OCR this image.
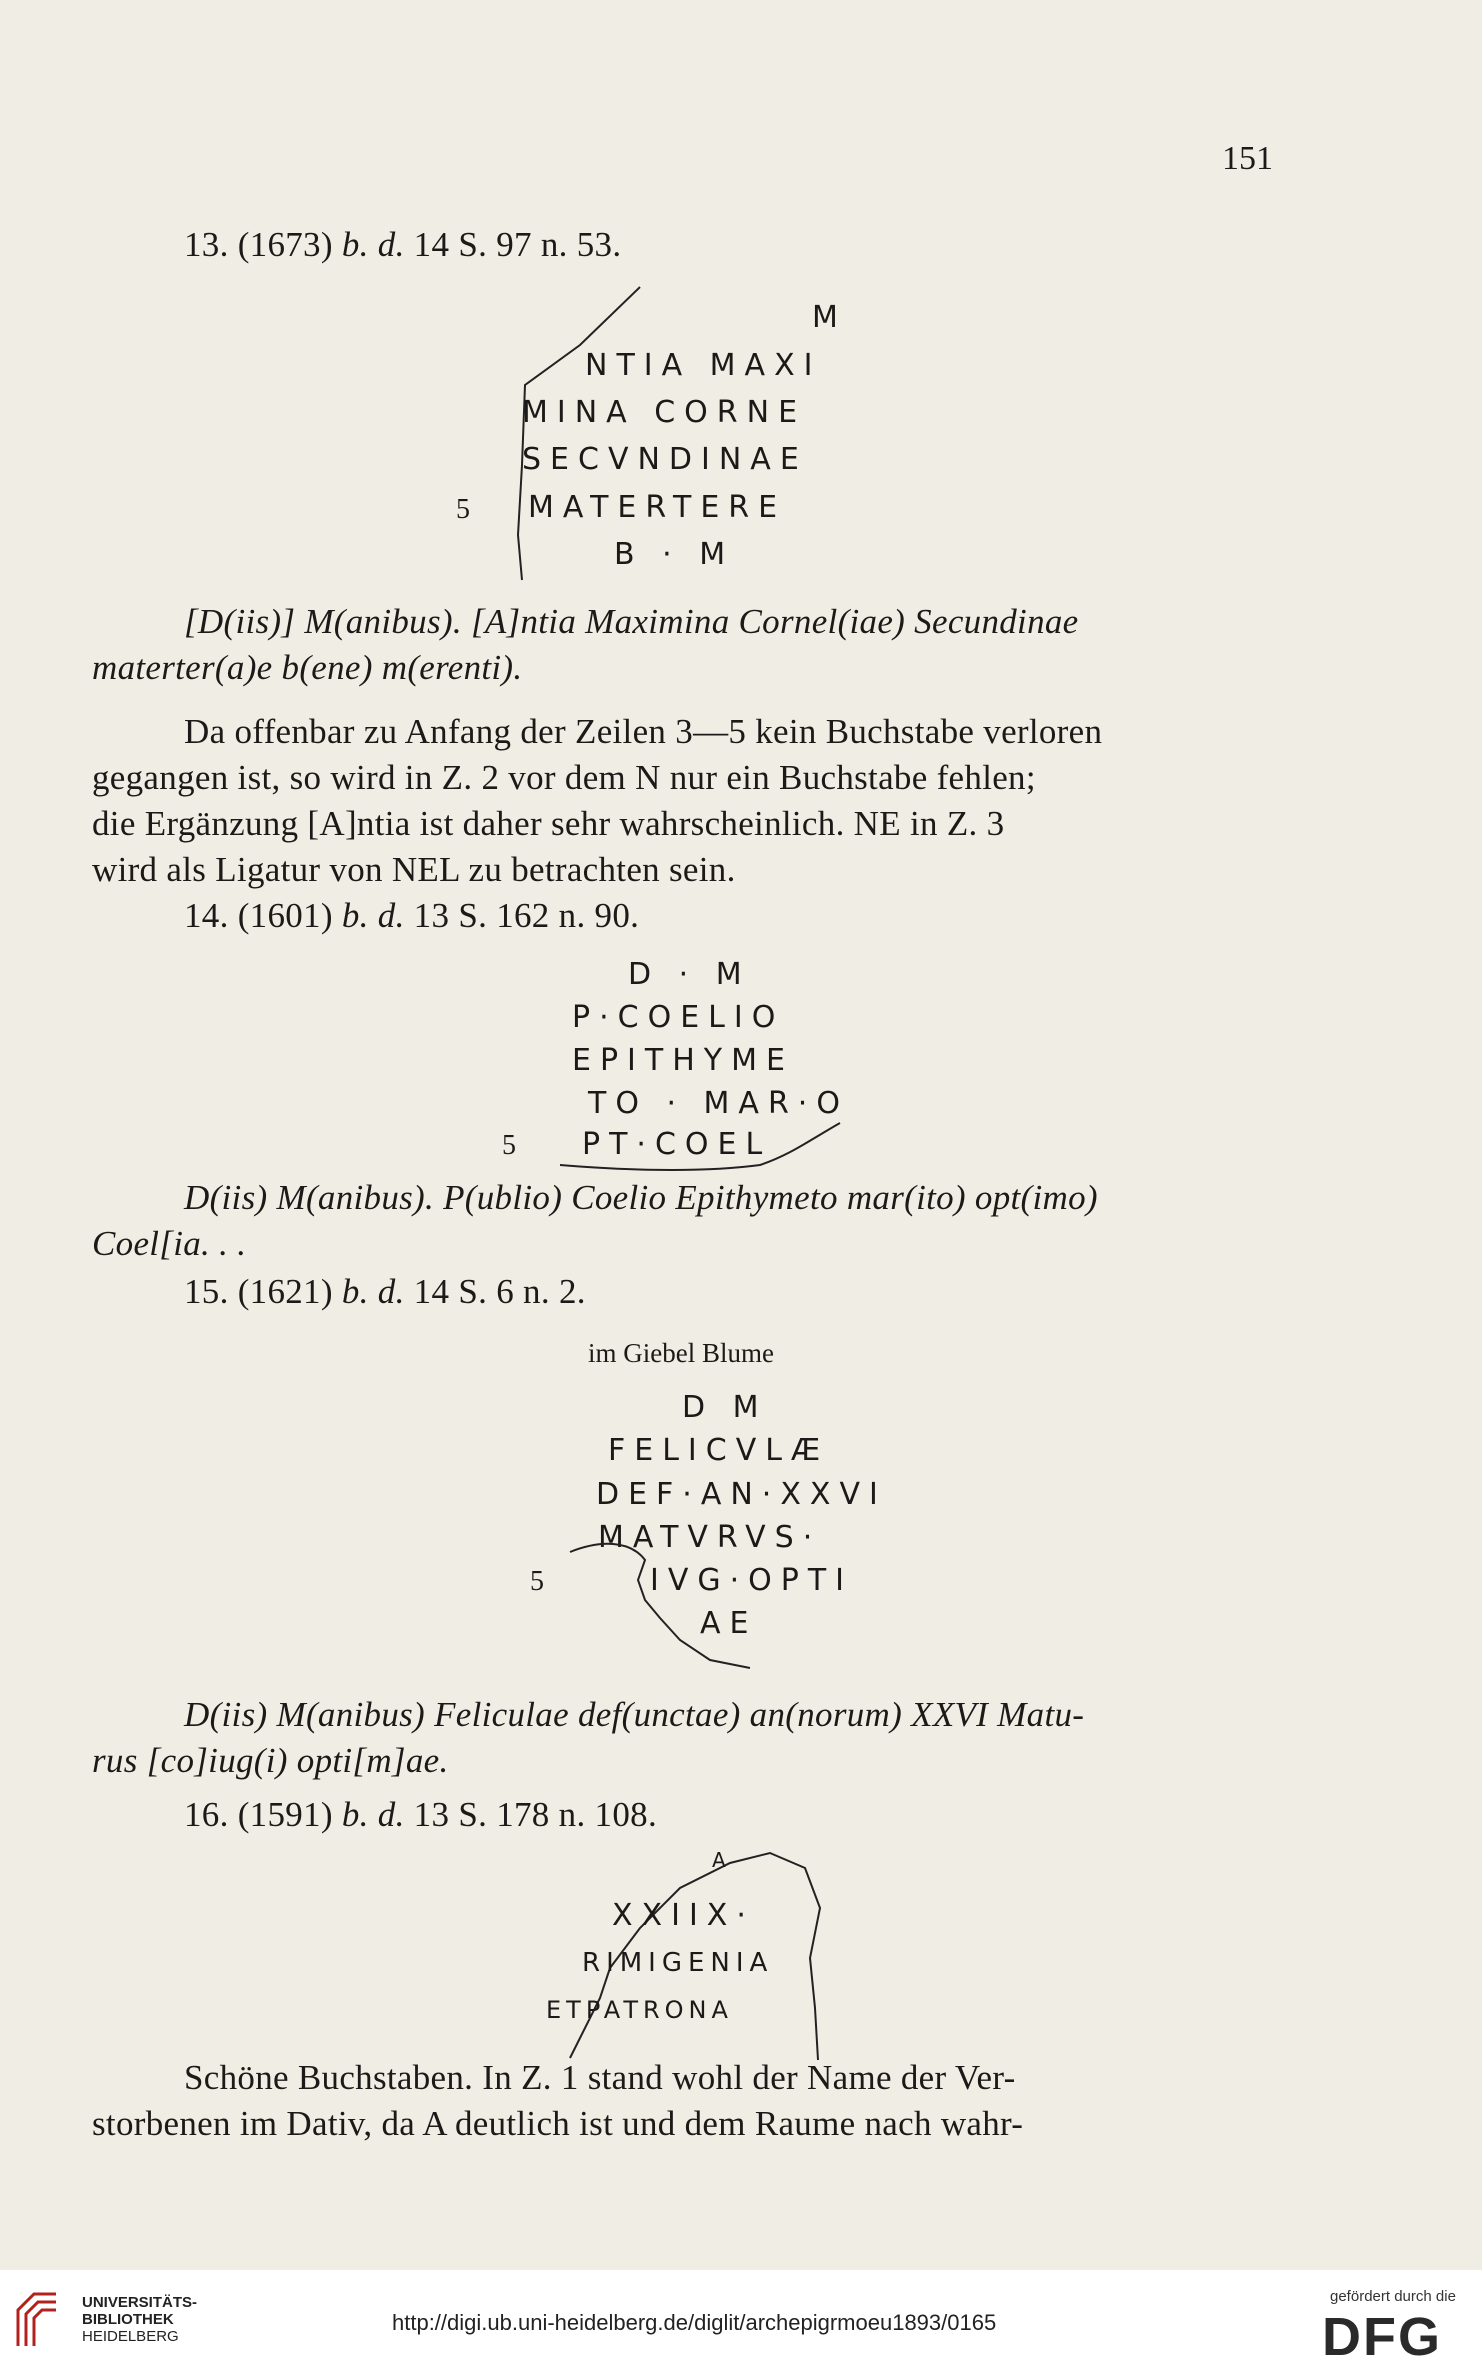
151
13. (1673) b. d. 14 S. 97 n. 53.
M
NTIA MAXI
MINA CORNE
SECVNDINAE
5 MATERTERE
B · M
[D(iis)] M(anibus). [A]ntia Maximina Cornel(iae) Secundinae
materter(a)e b(ene) m(erenti).
Da offenbar zu Anfang der Zeilen 3—5 kein Buchstabe verloren
gegangen ist, so wird in Z. 2 vor dem N nur ein Buchstabe fehlen;
die Ergänzung [A]ntia ist daher sehr wahrscheinlich. NE in Z. 3
wird als Ligatur von NEL zu betrachten sein.
14. (1601) b. d. 13 S. 162 n. 90.
D · M
P·COELIO
EPITHYME
TO · MAR·O
5 PT·COEL
D(iis) M(anibus). P(ublio) Coelio Epithymeto mar(ito) opt(imo)
Coel[ia. . .
15. (1621) b. d. 14 S. 6 n. 2.
im Giebel Blume
D M
FELICVLÆ
DEF·AN·XXVI
MATVRVS·
5	IVG·OPTI
AE
D(iis) M(anibus) Feliculae def(unctae) an(norum) XXVI Matu-
rus [co]iug(i) opti[m]ae.
16. (1591) b. d. 13 S. 178 n. 108.
A
XXIIX·
RIMIGENIA
ETPATRONA
Schöne Buchstaben. In Z. 1 stand wohl der Name der Ver-
storbenen im Dativ, da A deutlich ist und dem Raume nach wahr-
UNIVERSITÄTS-
BIBLIOTHEK
HEIDELBERG
http://digi.ub.uni-heidelberg.de/diglit/archepigrmoeu1893/0165
gefördert durch die
DFG
